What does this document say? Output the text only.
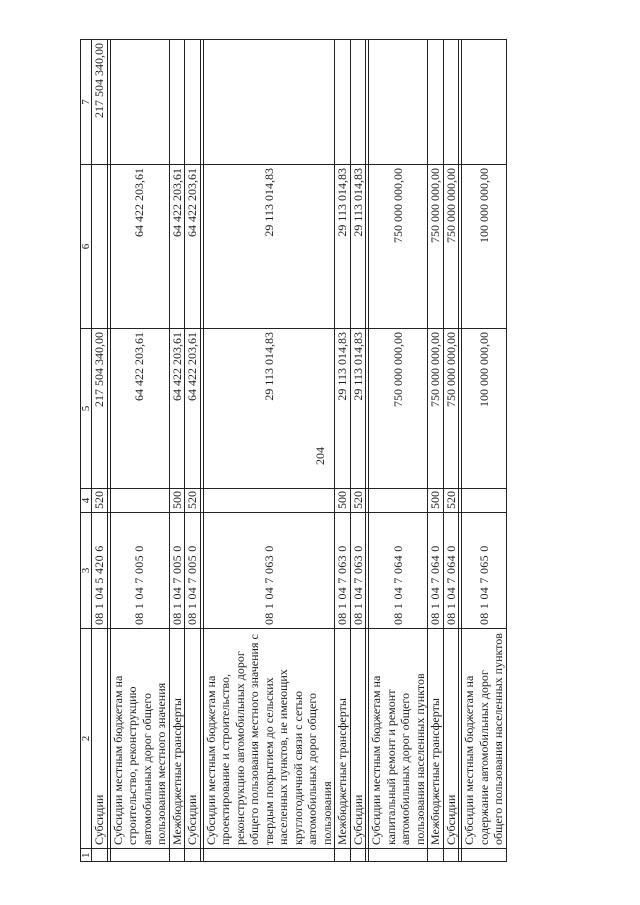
204
1	2	3	4	5	6	7
	Субсидии	08 1 04 5 420 6	520	217 504 340,00		217 504 340,00

	Субсидии местным бюджетам на строительство, реконструкцию автомобильных дорог общего пользования местного значения	08 1 04 7 005 0		64 422 203,61	64 422 203,61	
	Межбюджетные трансферты	08 1 04 7 005 0	500	64 422 203,61	64 422 203,61	
	Субсидии	08 1 04 7 005 0	520	64 422 203,61	64 422 203,61	

	Субсидии местным бюджетам на проектирование и строительство, реконструкцию автомобильных дорог общего пользования местного значения с твердым покрытием до сельских населенных пунктов, не имеющих круглогодичной связи с сетью автомобильных дорог общего пользования	08 1 04 7 063 0		29 113 014,83	29 113 014,83	
	Межбюджетные трансферты	08 1 04 7 063 0	500	29 113 014,83	29 113 014,83	
	Субсидии	08 1 04 7 063 0	520	29 113 014,83	29 113 014,83	

	Субсидии местным бюджетам на капитальный ремонт и ремонт автомобильных дорог общего пользования населенных пунктов	08 1 04 7 064 0		750 000 000,00	750 000 000,00	
	Межбюджетные трансферты	08 1 04 7 064 0	500	750 000 000,00	750 000 000,00	
	Субсидии	08 1 04 7 064 0	520	750 000 000,00	750 000 000,00	

	Субсидии местным бюджетам на содержание автомобильных дорог общего пользования населенных пунктов	08 1 04 7 065 0		100 000 000,00	100 000 000,00	
